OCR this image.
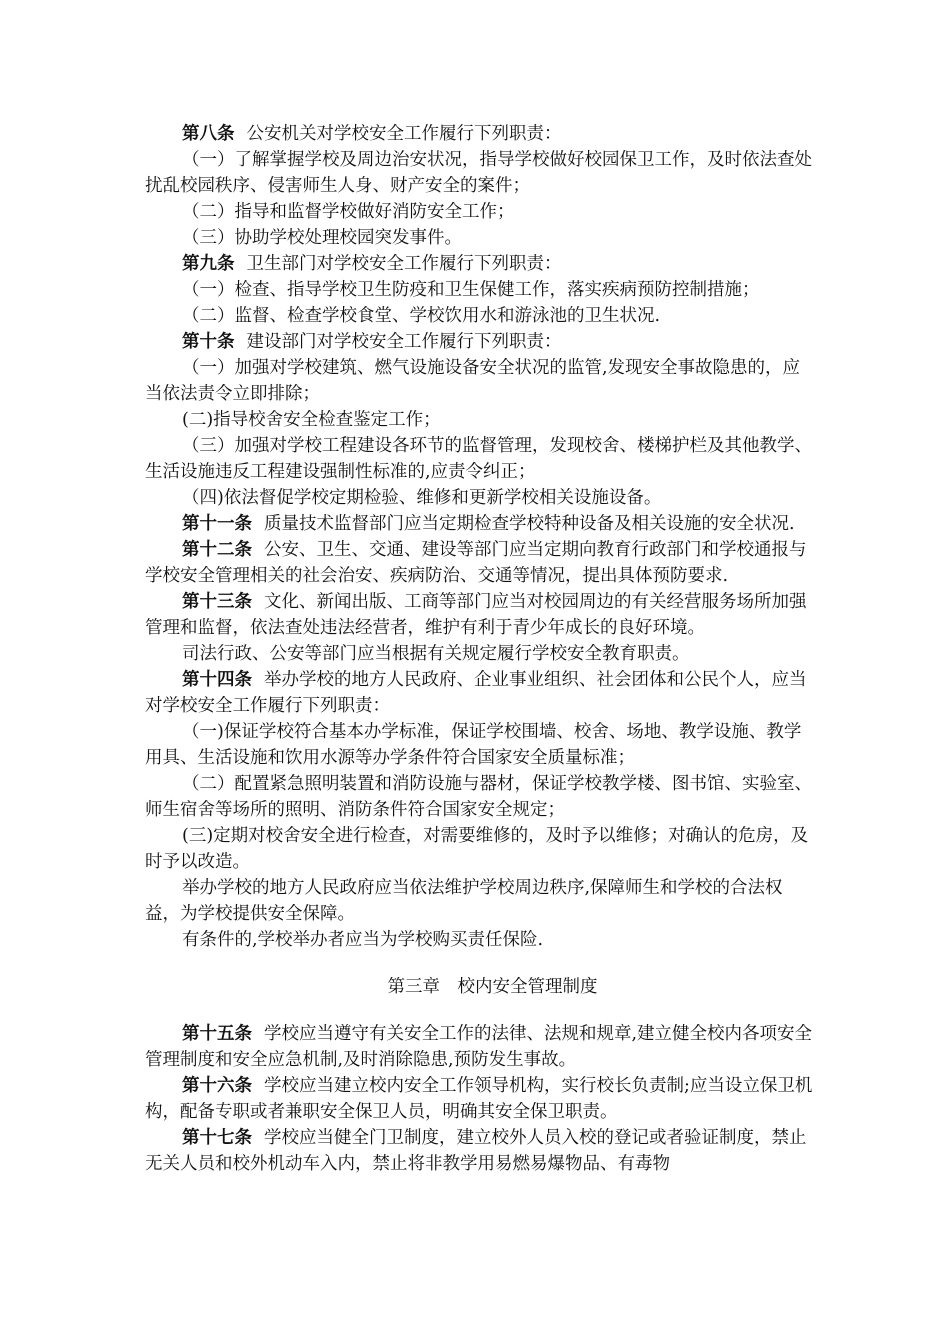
第八条 公安机关对学校安全工作履行下列职责：

（一）了解掌握学校及周边治安状况，指导学校做好校园保卫工作，及时依法查处扰乱校园秩序、侵害师生人身、财产安全的案件；

（二）指导和监督学校做好消防安全工作；

（三）协助学校处理校园突发事件。

第九条 卫生部门对学校安全工作履行下列职责：

（一）检查、指导学校卫生防疫和卫生保健工作，落实疾病预防控制措施；

（二）监督、检查学校食堂、学校饮用水和游泳池的卫生状况.

第十条 建设部门对学校安全工作履行下列职责：

（一）加强对学校建筑、燃气设施设备安全状况的监管,发现安全事故隐患的，应当依法责令立即排除；

(二)指导校舍安全检查鉴定工作；

（三）加强对学校工程建设各环节的监督管理，发现校舍、楼梯护栏及其他教学、生活设施违反工程建设强制性标准的,应责令纠正；

（四)依法督促学校定期检验、维修和更新学校相关设施设备。

第十一条 质量技术监督部门应当定期检查学校特种设备及相关设施的安全状况.

第十二条 公安、卫生、交通、建设等部门应当定期向教育行政部门和学校通报与学校安全管理相关的社会治安、疾病防治、交通等情况，提出具体预防要求.

第十三条 文化、新闻出版、工商等部门应当对校园周边的有关经营服务场所加强管理和监督，依法查处违法经营者，维护有利于青少年成长的良好环境。

司法行政、公安等部门应当根据有关规定履行学校安全教育职责。

第十四条 举办学校的地方人民政府、企业事业组织、社会团体和公民个人，应当对学校安全工作履行下列职责：

（一)保证学校符合基本办学标准，保证学校围墙、校舍、场地、教学设施、教学用具、生活设施和饮用水源等办学条件符合国家安全质量标准；

（二）配置紧急照明装置和消防设施与器材，保证学校教学楼、图书馆、实验室、师生宿舍等场所的照明、消防条件符合国家安全规定；

(三)定期对校舍安全进行检查，对需要维修的，及时予以维修；对确认的危房，及时予以改造。

举办学校的地方人民政府应当依法维护学校周边秩序,保障师生和学校的合法权益，为学校提供安全保障。

有条件的,学校举办者应当为学校购买责任保险.

第三章　校内安全管理制度

第十五条 学校应当遵守有关安全工作的法律、法规和规章,建立健全校内各项安全管理制度和安全应急机制,及时消除隐患,预防发生事故。

第十六条 学校应当建立校内安全工作领导机构，实行校长负责制;应当设立保卫机构，配备专职或者兼职安全保卫人员，明确其安全保卫职责。

第十七条 学校应当健全门卫制度，建立校外人员入校的登记或者验证制度，禁止无关人员和校外机动车入内，禁止将非教学用易燃易爆物品、有毒物
